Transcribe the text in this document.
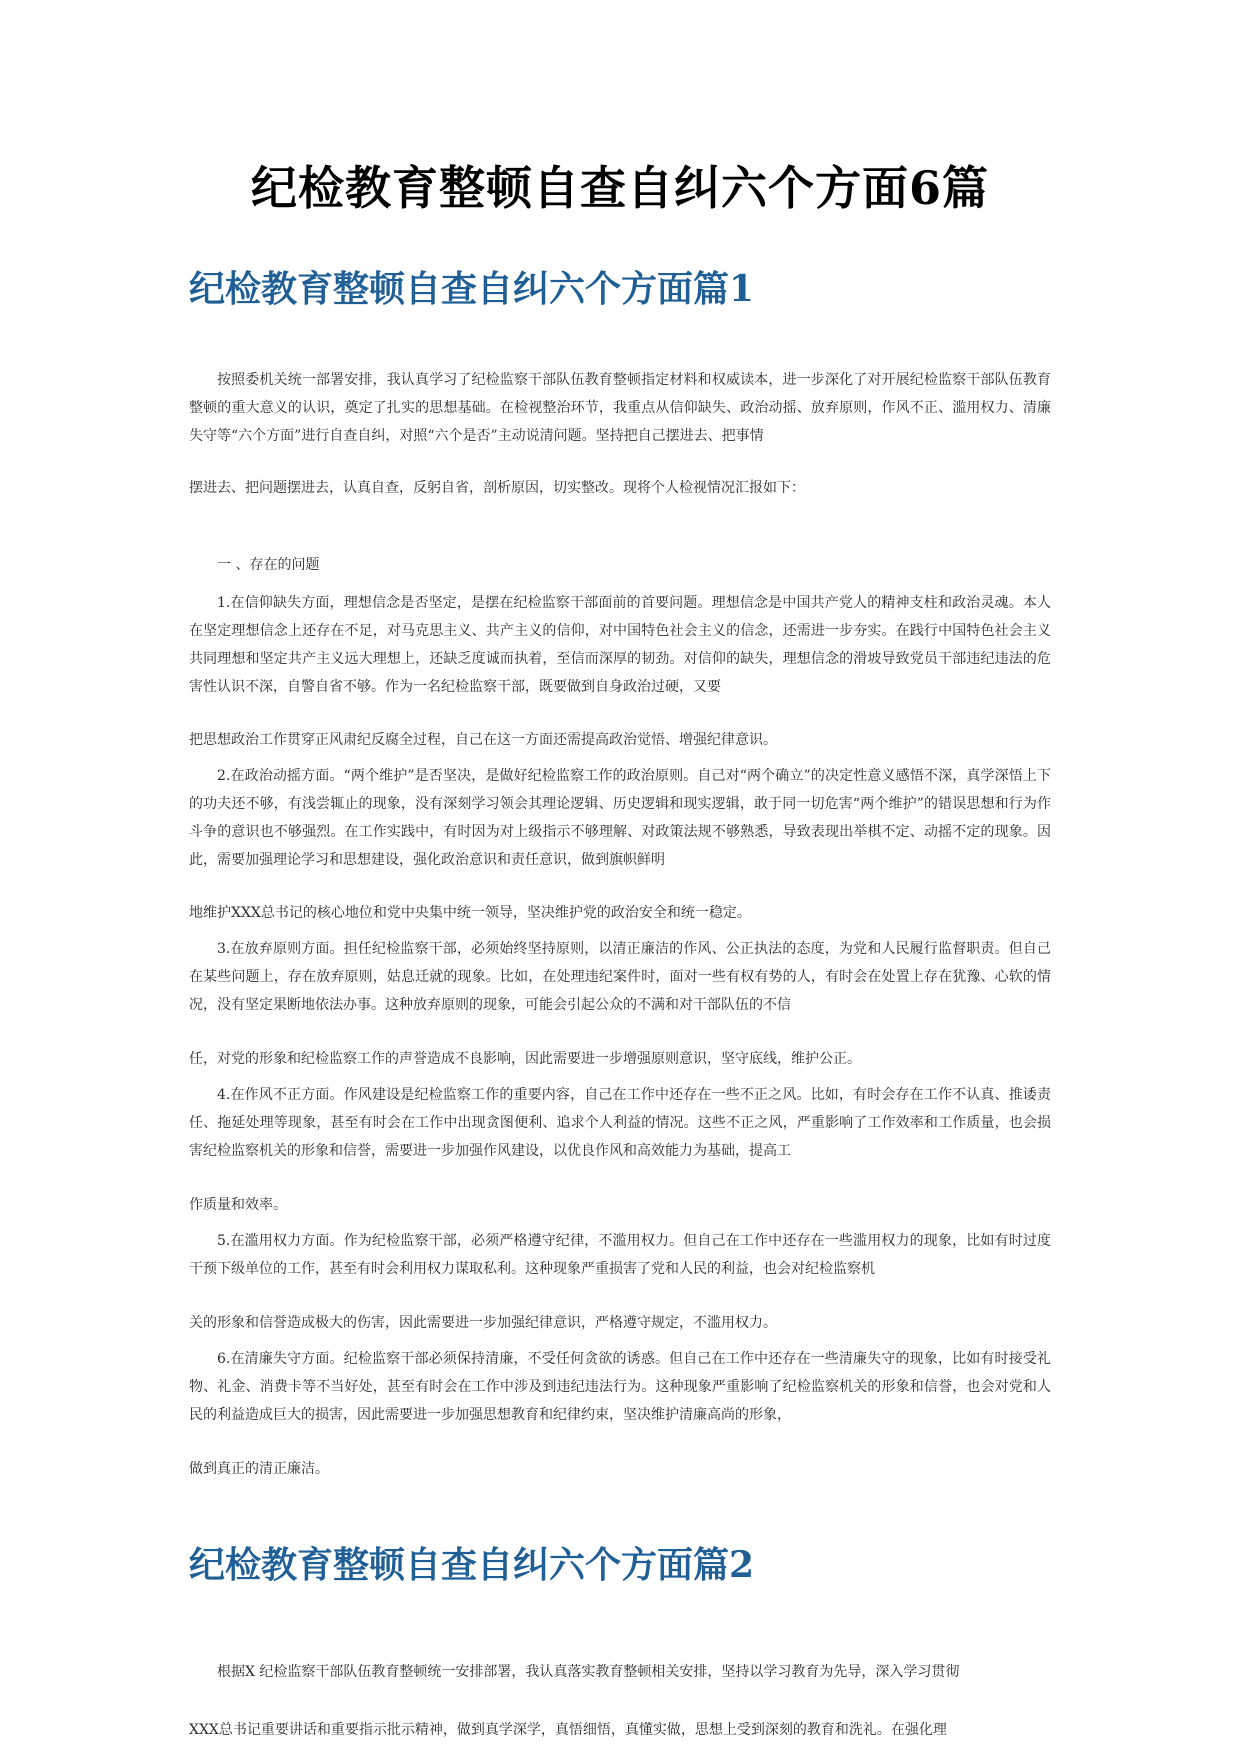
纪检教育整顿自查自纠六个方面6篇
纪检教育整顿自查自纠六个方面篇1

按照委机关统一部署安排，我认真学习了纪检监察干部队伍教育整顿指定材料和权威读本，进一步深化了对开展纪检监察干部队伍教育整顿的重大意义的认识，奠定了扎实的思想基础。在检视整治环节，我重点从信仰缺失、政治动摇、放弃原则，作风不正、滥用权力、清廉失守等“六个方面”进行自查自纠，对照“六个是否”主动说清问题。坚持把自己摆进去、把事情

摆进去、把问题摆进去，认真自查，反躬自省，剖析原因，切实整改。现将个人检视情况汇报如下：

一 、存在的问题

1.在信仰缺失方面，理想信念是否坚定，是摆在纪检监察干部面前的首要问题。理想信念是中国共产党人的精神支柱和政治灵魂。本人在坚定理想信念上还存在不足，对马克思主义、共产主义的信仰，对中国特色社会主义的信念，还需进一步夯实。在践行中国特色社会主义共同理想和坚定共产主义远大理想上，还缺乏度诚而执着，至信而深厚的韧劲。对信仰的缺失，理想信念的滑坡导致党员干部违纪违法的危害性认识不深，自警自省不够。作为一名纪检监察干部，既要做到自身政治过硬，又要

把思想政治工作贯穿正风肃纪反腐全过程，自己在这一方面还需提高政治觉悟、增强纪律意识。

2.在政治动摇方面。“两个维护”是否坚决，是做好纪检监察工作的政治原则。自己对“两个确立”的决定性意义感悟不深，真学深悟上下的功夫还不够，有浅尝辄止的现象，没有深刻学习领会其理论逻辑、历史逻辑和现实逻辑，敢于同一切危害“两个维护”的错误思想和行为作斗争的意识也不够强烈。在工作实践中，有时因为对上级指示不够理解、对政策法规不够熟悉，导致表现出举棋不定、动摇不定的现象。因此，需要加强理论学习和思想建设，强化政治意识和责任意识，做到旗帜鲜明

地维护XXX总书记的核心地位和党中央集中统一领导，坚决维护党的政治安全和统一稳定。

3.在放弃原则方面。担任纪检监察干部，必须始终坚持原则，以清正廉洁的作风、公正执法的态度，为党和人民履行监督职责。但自己在某些问题上，存在放弃原则，姑息迁就的现象。比如，在处理违纪案件时，面对一些有权有势的人，有时会在处置上存在犹豫、心软的情况，没有坚定果断地依法办事。这种放弃原则的现象，可能会引起公众的不满和对干部队伍的不信

任，对党的形象和纪检监察工作的声誉造成不良影响，因此需要进一步增强原则意识，坚守底线，维护公正。

4.在作风不正方面。作风建设是纪检监察工作的重要内容，自己在工作中还存在一些不正之风。比如，有时会存在工作不认真、推诿责任、拖延处理等现象，甚至有时会在工作中出现贪图便利、追求个人利益的情况。这些不正之风，严重影响了工作效率和工作质量，也会损害纪检监察机关的形象和信誉，需要进一步加强作风建设，以优良作风和高效能力为基础，提高工

作质量和效率。

5.在滥用权力方面。作为纪检监察干部，必须严格遵守纪律，不滥用权力。但自己在工作中还存在一些滥用权力的现象，比如有时过度干预下级单位的工作，甚至有时会利用权力谋取私利。这种现象严重损害了党和人民的利益，也会对纪检监察机

关的形象和信誉造成极大的伤害，因此需要进一步加强纪律意识，严格遵守规定，不滥用权力。

6.在清廉失守方面。纪检监察干部必须保持清廉，不受任何贪欲的诱惑。但自己在工作中还存在一些清廉失守的现象，比如有时接受礼物、礼金、消费卡等不当好处，甚至有时会在工作中涉及到违纪违法行为。这种现象严重影响了纪检监察机关的形象和信誉，也会对党和人民的利益造成巨大的损害，因此需要进一步加强思想教育和纪律约束，坚决维护清廉高尚的形象，

做到真正的清正廉洁。

纪检教育整顿自查自纠六个方面篇2

根据X 纪检监察干部队伍教育整顿统一安排部署，我认真落实教育整顿相关安排，坚持以学习教育为先导，深入学习贯彻

XXX总书记重要讲话和重要指示批示精神，做到真学深学，真悟细悟，真懂实做，思想上受到深刻的教育和洗礼。在强化理
